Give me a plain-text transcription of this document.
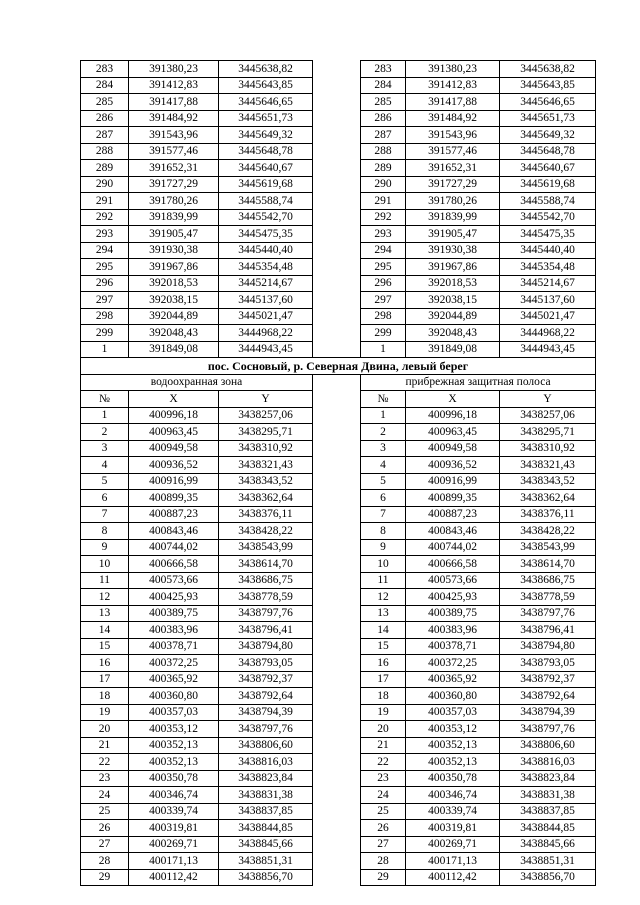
283	391380,23	3445638,82		283	391380,23	3445638,82
284	391412,83	3445643,85		284	391412,83	3445643,85
285	391417,88	3445646,65		285	391417,88	3445646,65
286	391484,92	3445651,73		286	391484,92	3445651,73
287	391543,96	3445649,32		287	391543,96	3445649,32
288	391577,46	3445648,78		288	391577,46	3445648,78
289	391652,31	3445640,67		289	391652,31	3445640,67
290	391727,29	3445619,68		290	391727,29	3445619,68
291	391780,26	3445588,74		291	391780,26	3445588,74
292	391839,99	3445542,70		292	391839,99	3445542,70
293	391905,47	3445475,35		293	391905,47	3445475,35
294	391930,38	3445440,40		294	391930,38	3445440,40
295	391967,86	3445354,48		295	391967,86	3445354,48
296	392018,53	3445214,67		296	392018,53	3445214,67
297	392038,15	3445137,60		297	392038,15	3445137,60
298	392044,89	3445021,47		298	392044,89	3445021,47
299	392048,43	3444968,22		299	392048,43	3444968,22
1	391849,08	3444943,45		1	391849,08	3444943,45
пос. Сосновый, р. Северная Двина, левый берег						
водоохранная зона				прибрежная защитная полоса		
№	X	Y		№	X	Y
1	400996,18	3438257,06		1	400996,18	3438257,06
2	400963,45	3438295,71		2	400963,45	3438295,71
3	400949,58	3438310,92		3	400949,58	3438310,92
4	400936,52	3438321,43		4	400936,52	3438321,43
5	400916,99	3438343,52		5	400916,99	3438343,52
6	400899,35	3438362,64		6	400899,35	3438362,64
7	400887,23	3438376,11		7	400887,23	3438376,11
8	400843,46	3438428,22		8	400843,46	3438428,22
9	400744,02	3438543,99		9	400744,02	3438543,99
10	400666,58	3438614,70		10	400666,58	3438614,70
11	400573,66	3438686,75		11	400573,66	3438686,75
12	400425,93	3438778,59		12	400425,93	3438778,59
13	400389,75	3438797,76		13	400389,75	3438797,76
14	400383,96	3438796,41		14	400383,96	3438796,41
15	400378,71	3438794,80		15	400378,71	3438794,80
16	400372,25	3438793,05		16	400372,25	3438793,05
17	400365,92	3438792,37		17	400365,92	3438792,37
18	400360,80	3438792,64		18	400360,80	3438792,64
19	400357,03	3438794,39		19	400357,03	3438794,39
20	400353,12	3438797,76		20	400353,12	3438797,76
21	400352,13	3438806,60		21	400352,13	3438806,60
22	400352,13	3438816,03		22	400352,13	3438816,03
23	400350,78	3438823,84		23	400350,78	3438823,84
24	400346,74	3438831,38		24	400346,74	3438831,38
25	400339,74	3438837,85		25	400339,74	3438837,85
26	400319,81	3438844,85		26	400319,81	3438844,85
27	400269,71	3438845,66		27	400269,71	3438845,66
28	400171,13	3438851,31		28	400171,13	3438851,31
29	400112,42	3438856,70		29	400112,42	3438856,70
